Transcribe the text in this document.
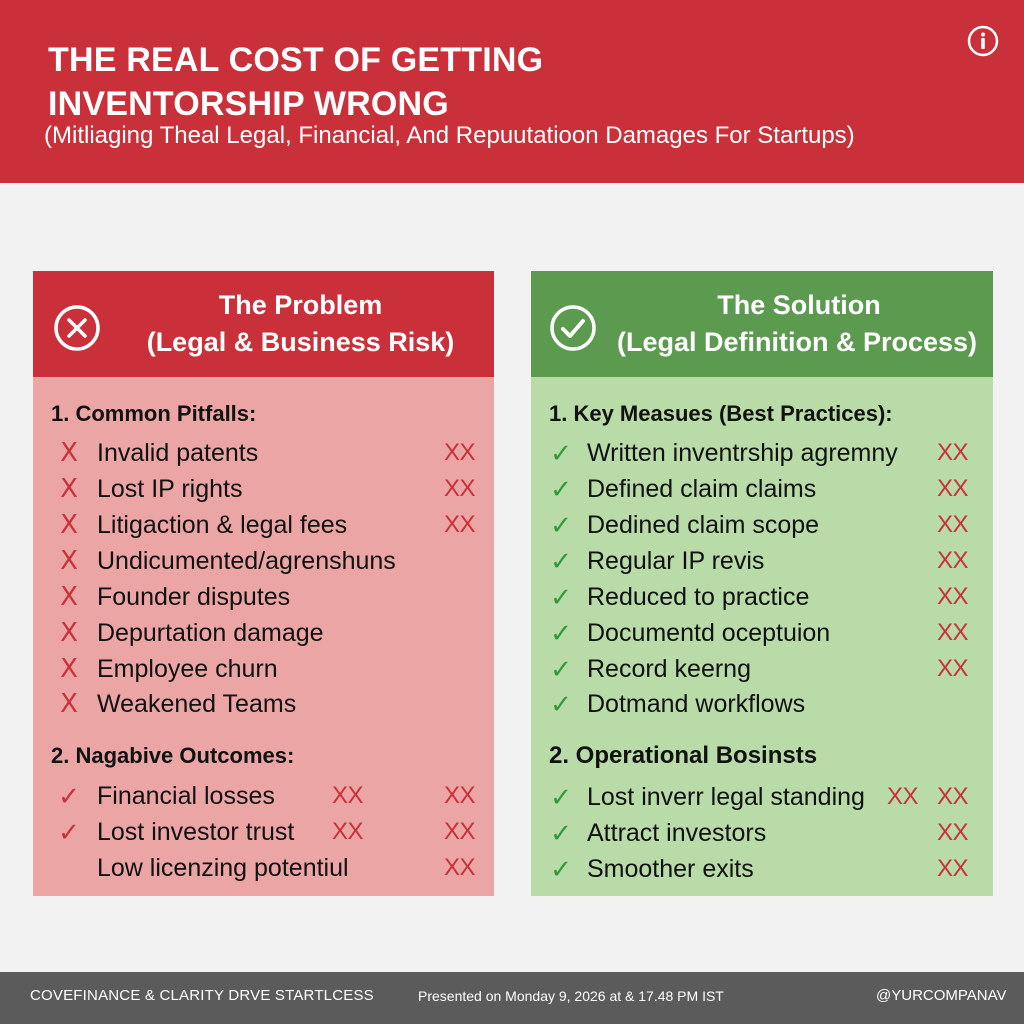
THE REAL COST OF GETTING
INVENTORSHIP WRONG
(Mitliaging Theal Legal, Financial, And Repuutatioon Damages For Startups)
The Problem
(Legal & Business Risk)
1. Common Pitfalls:
X Invalid patents	XX
X Lost IP rights	XX
X Litigaction & legal fees	XX
X Undicumented/agrenshuns
X Founder disputes
X Depurtation damage
X Employee churn
X Weakened Teams
2. Nagabive Outcomes:
✓ Financial losses XX	XX
✓ Lost investor trust XX	XX
Low licenzing potentiul	XX
The Solution
(Legal Definition & Process)
1. Key Measues (Best Practices):
✓ Written inventrship agremny XX
✓ Defined claim claims	XX
✓ Dedined claim scope	XX
✓ Regular IP revis	XX
✓ Reduced to practice	XX
✓ Documentd oceptuion	XX
✓ Record keerng	XX
✓ Dotmand workflows
2. Operational Bosinsts
✓ Lost inverr legal standing XX XX
✓ Attract investors	XX
✓ Smoother exits	XX
COVEFINANCE & CLARITY DRVE STARTLCESS	Presented on Monday 9, 2026 at & 17.48 PM IST	@YURCOMPANAV
